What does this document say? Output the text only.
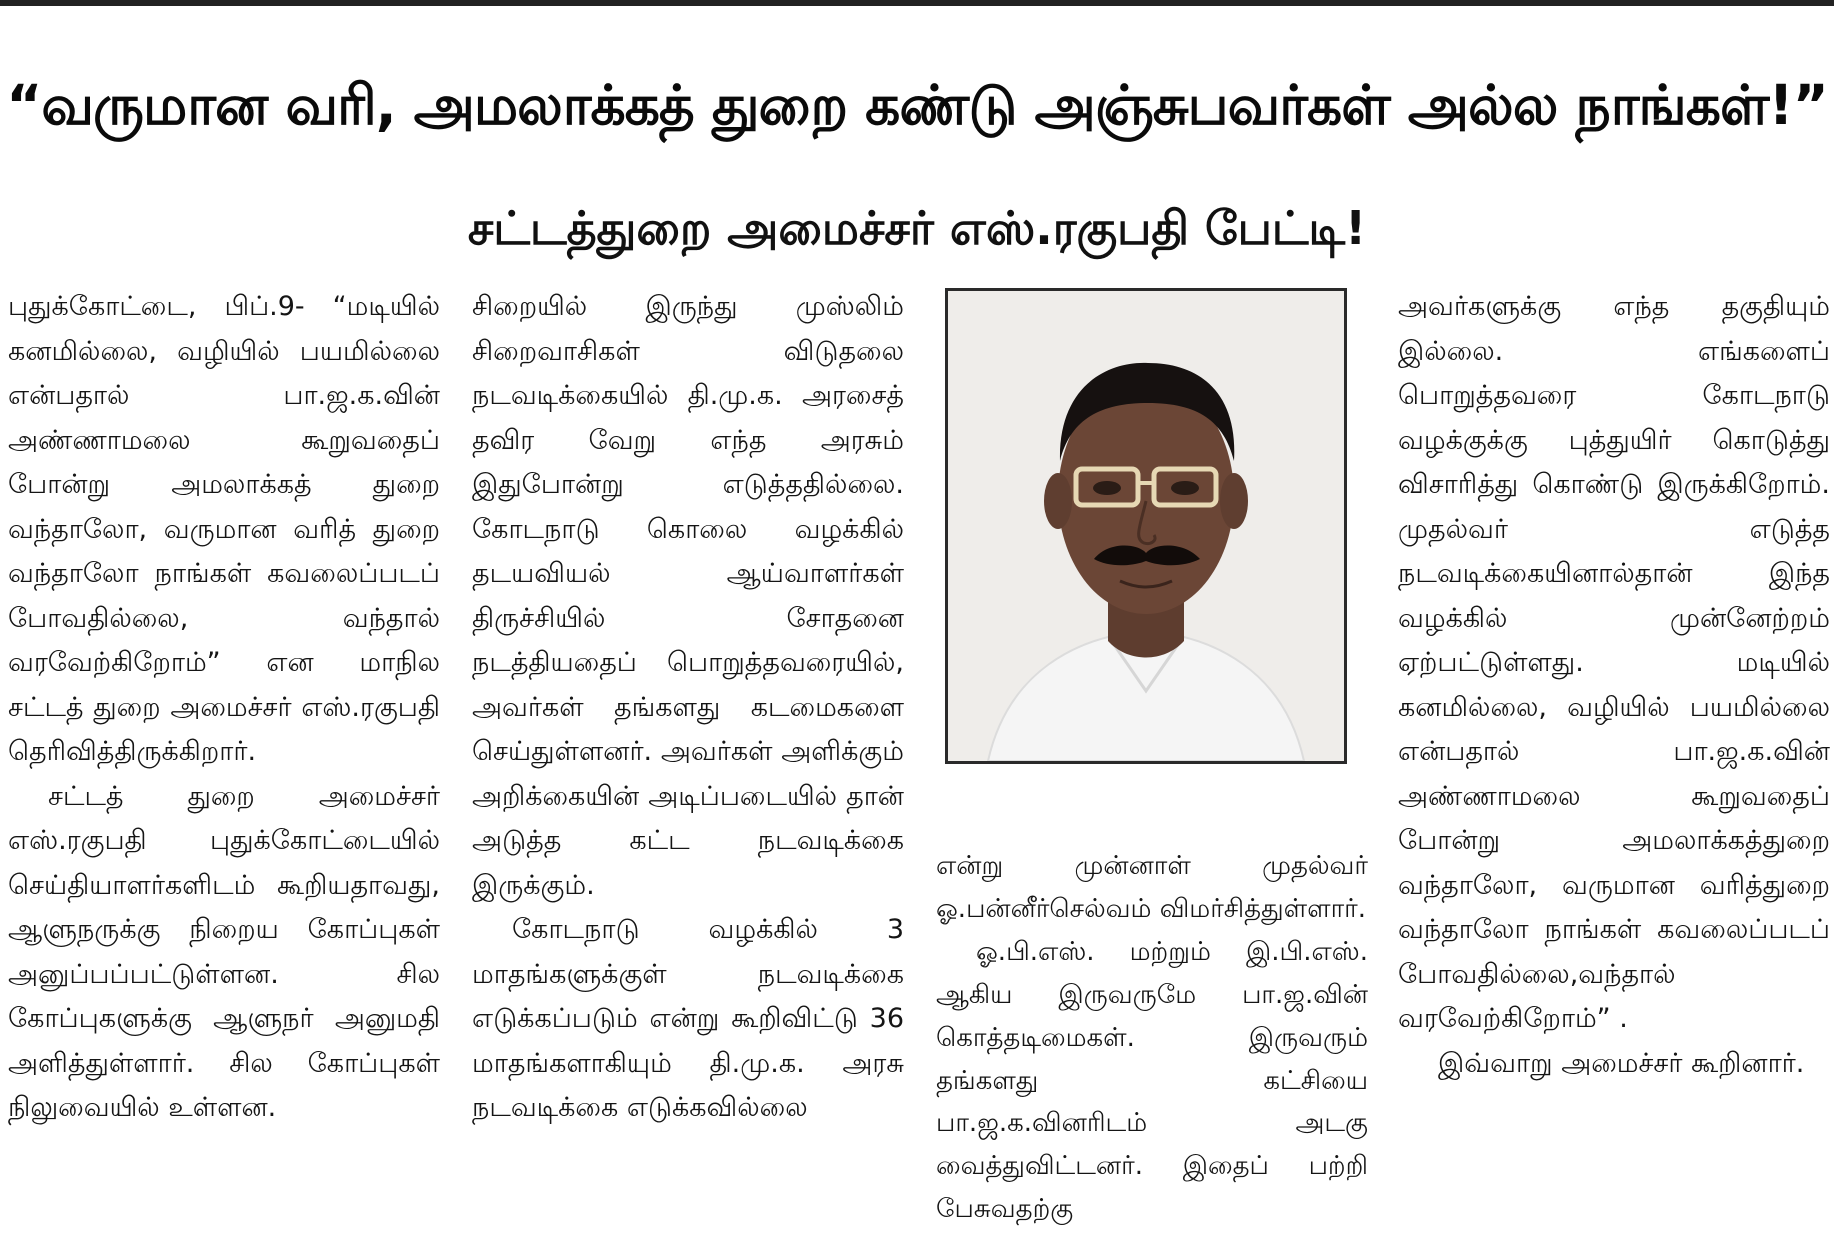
“வருமான வரி, அமலாக்கத் துறை கண்டு அஞ்சுபவர்கள் அல்ல நாங்கள்!”
சட்டத்துறை அமைச்சர் எஸ்.ரகுபதி பேட்டி!

புதுக்கோட்டை, பிப்.9- “மடியில் கனமில்லை, வழியில் பயமில்லை என்பதால் பா.ஜ.க.வின் அண்ணாமலை கூறுவதைப் போன்று அமலாக்கத் துறை வந்தாலோ, வருமான வரித் துறை வந்தாலோ நாங்கள் கவலைப்படப் போவதில்லை, வந்தால் வரவேற்கிறோம்” என மாநில சட்டத் துறை அமைச்சர் எஸ்.ரகுபதி தெரிவித்திருக்கிறார்.

சட்டத் துறை அமைச்சர் எஸ்.ரகுபதி புதுக்கோட்டையில் செய்தியாளர்களிடம் கூறியதாவது, ஆளுநருக்கு நிறைய கோப்புகள் அனுப்பப்பட்டுள்ளன. சில கோப்புகளுக்கு ஆளுநர் அனுமதி அளித்துள்ளார். சில கோப்புகள் நிலுவையில் உள்ளன.

சிறையில் இருந்து முஸ்லிம் சிறைவாசிகள் விடுதலை நடவடிக்கையில் தி.மு.க. அரசைத் தவிர வேறு எந்த அரசும் இதுபோன்று எடுத்ததில்லை. கோடநாடு கொலை வழக்கில் தடயவியல் ஆய்வாளர்கள் திருச்சியில் சோதனை நடத்தியதைப் பொறுத்தவரையில், அவர்கள் தங்களது கடமைகளை செய்துள்ளனர். அவர்கள் அளிக்கும் அறிக்கையின் அடிப்படையில் தான் அடுத்த கட்ட நடவடிக்கை இருக்கும்.

கோடநாடு வழக்கில் 3 மாதங்களுக்குள் நடவடிக்கை எடுக்கப்படும் என்று கூறிவிட்டு 36 மாதங்களாகியும் தி.மு.க. அரசு நடவடிக்கை எடுக்கவில்லை

என்று முன்னாள் முதல்வர் ஓ.பன்னீர்செல்வம் விமர்சித்துள்ளார்.

ஓ.பி.எஸ். மற்றும் இ.பி.எஸ். ஆகிய இருவருமே பா.ஜ.வின் கொத்தடிமைகள். இருவரும் தங்களது கட்சியை பா.ஜ.க.வினரிடம் அடகு வைத்துவிட்டனர். இதைப் பற்றி பேசுவதற்கு

அவர்களுக்கு எந்த தகுதியும் இல்லை. எங்களைப் பொறுத்தவரை கோடநாடு வழக்குக்கு புத்துயிர் கொடுத்து விசாரித்து கொண்டு இருக்கிறோம். முதல்வர் எடுத்த நடவடிக்கையினால்தான் இந்த வழக்கில் முன்னேற்றம் ஏற்பட்டுள்ளது. மடியில் கனமில்லை, வழியில் பயமில்லை என்பதால் பா.ஜ.க.வின் அண்ணாமலை கூறுவதைப் போன்று அமலாக்கத்துறை வந்தாலோ, வருமான வரித்துறை வந்தாலோ நாங்கள் கவலைப்படப் போவதில்லை,வந்தால் வரவேற்கிறோம்” .

இவ்வாறு அமைச்சர் கூறினார்.
